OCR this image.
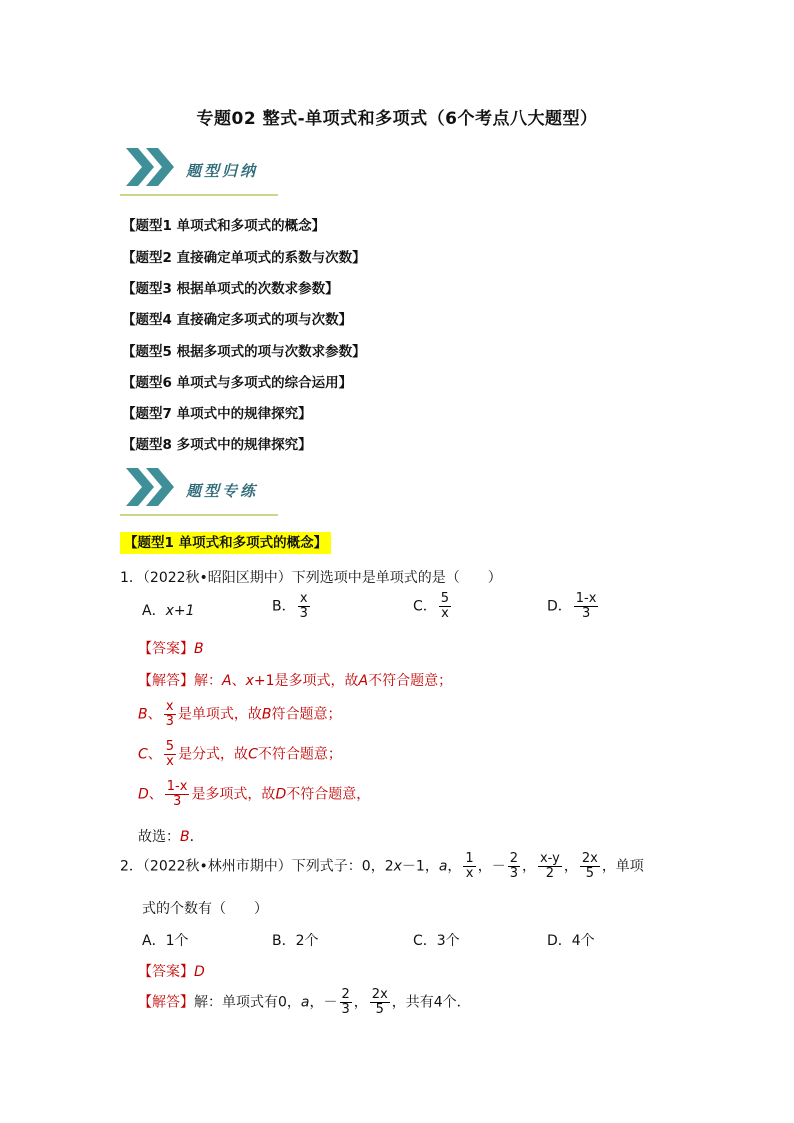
专题02 整式-单项式和多项式（6个考点八大题型）
题型归纳
【题型1 单项式和多项式的概念】
【题型2 直接确定单项式的系数与次数】
【题型3 根据单项式的次数求参数】
【题型4 直接确定多项式的项与次数】
【题型5 根据多项式的项与次数求参数】
【题型6 单项式与多项式的综合运用】
【题型7 单项式中的规律探究】
【题型8 多项式中的规律探究】
题型专练
【题型1 单项式和多项式的概念】
1．（2022秋•昭阳区期中）下列选项中是单项式的是（　　）
A．x+1	B． $\frac{x}{3}$	C． $\frac{5}{x}$	D． $\frac{1-x}{3}$
【答案】B
【解答】解：A、x+1是多项式，故A不符合题意；
B、 $\frac{x}{3}$ 是单项式，故B符合题意；
C、 $\frac{5}{x}$ 是分式，故C不符合题意；
D、 $\frac{1-x}{3}$ 是多项式，故D不符合题意，
故选：B．
2．（2022秋•林州市期中）下列式子：0，2x－1，a， $\frac{1}{x}$ ，－ $\frac{2}{3}$ ， $\frac{x-y}{2}$ ， $\frac{2x}{5}$ ，单项
式的个数有（　　）
A．1个	B．2个	C．3个	D．4个
【答案】D
【解答】解：单项式有0，a，－ $\frac{2}{3}$ ， $\frac{2x}{5}$ ，共有4个．
